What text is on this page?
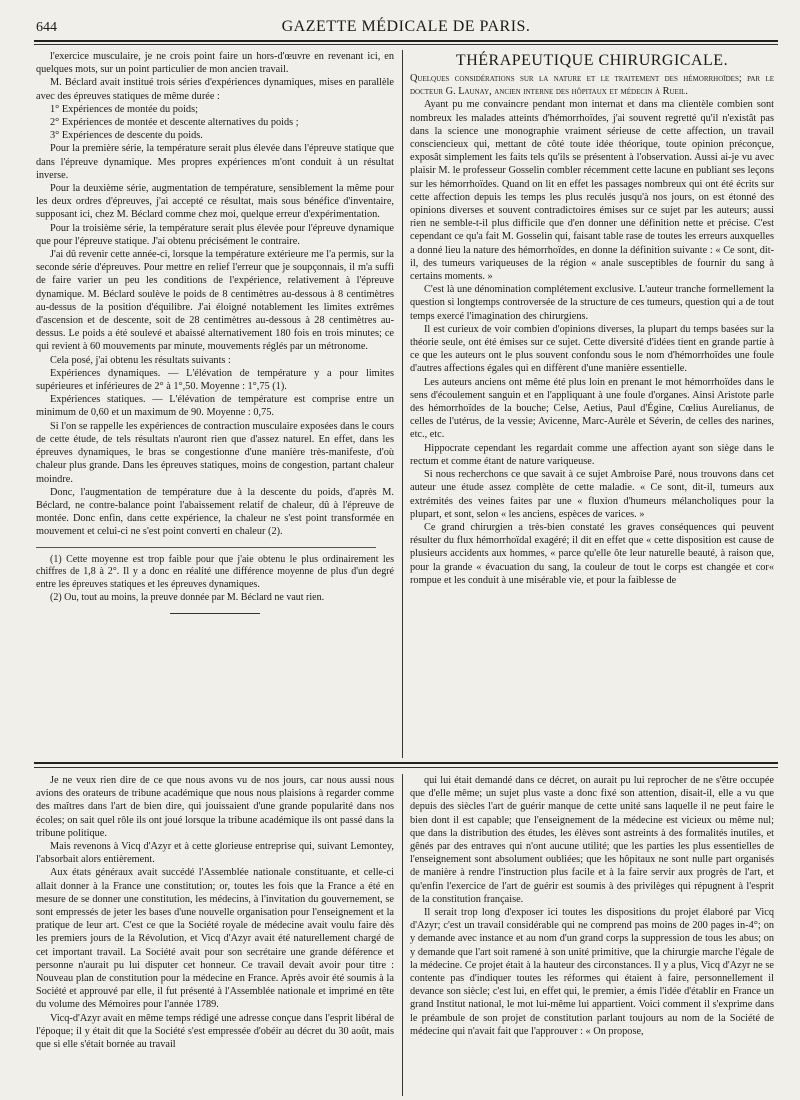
644	GAZETTE MÉDICALE DE PARIS.

l'exercice musculaire, je ne crois point faire un hors-d'œuvre en revenant ici, en quelques mots, sur un point particulier de mon ancien travail.

M. Béclard avait institué trois séries d'expériences dynamiques, mises en parallèle avec des épreuves statiques de même durée :

1° Expériences de montée du poids;

2° Expériences de montée et descente alternatives du poids ;

3° Expériences de descente du poids.

Pour la première série, la température serait plus élevée dans l'épreuve statique que dans l'épreuve dynamique. Mes propres expériences m'ont conduit à un résultat inverse.

Pour la deuxième série, augmentation de température, sensiblement la même pour les deux ordres d'épreuves, j'ai accepté ce résultat, mais sous bénéfice d'inventaire, supposant ici, chez M. Béclard comme chez moi, quelque erreur d'expérimentation.

Pour la troisième série, la température serait plus élevée pour l'épreuve dynamique que pour l'épreuve statique. J'ai obtenu précisément le contraire.

J'ai dû revenir cette année-ci, lorsque la température extérieure me l'a permis, sur la seconde série d'épreuves. Pour mettre en relief l'erreur que je soupçonnais, il m'a suffi de faire varier un peu les conditions de l'expérience, relativement à l'épreuve dynamique. M. Béclard soulève le poids de 8 centimètres au-dessous à 8 centimètres au-dessus de la position d'équilibre. J'ai éloigné notablement les limites extrêmes d'ascension et de descente, soit de 28 centimètres au-dessous à 28 centimètres au-dessus. Le poids a été soulevé et abaissé alternativement 180 fois en trois minutes; ce qui revient à 60 mouvements par minute, mouvements réglés par un métronome.

Cela posé, j'ai obtenu les résultats suivants :

Expériences dynamiques. — L'élévation de température y a pour limites supérieures et inférieures de 2° à 1°,50. Moyenne : 1°,75 (1).

Expériences statiques. — L'élévation de température est comprise entre un minimum de 0,60 et un maximum de 90. Moyenne : 0,75.

Si l'on se rappelle les expériences de contraction musculaire exposées dans le cours de cette étude, de tels résultats n'auront rien que d'assez naturel. En effet, dans les épreuves dynamiques, le bras se congestionne d'une manière très-manifeste, d'où chaleur plus grande. Dans les épreuves statiques, moins de congestion, partant chaleur moindre.

Donc, l'augmentation de température due à la descente du poids, d'après M. Béclard, ne contre-balance point l'abaissement relatif de chaleur, dû à l'épreuve de montée. Donc enfin, dans cette expérience, la chaleur ne s'est point transformée en mouvement et celui-ci ne s'est point converti en chaleur (2).

(1) Cette moyenne est trop faible pour que j'aie obtenu le plus ordinairement les chiffres de 1,8 à 2°. Il y a donc en réalité une différence moyenne de plus d'un degré entre les épreuves statiques et les épreuves dynamiques.

(2) Ou, tout au moins, la preuve donnée par M. Béclard ne vaut rien.

THÉRAPEUTIQUE CHIRURGICALE.

Quelques considérations sur la nature et le traitement des hémorrhoïdes; par le docteur G. Launay, ancien interne des hôpitaux et médecin à Rueil.

Ayant pu me convaincre pendant mon internat et dans ma clientèle combien sont nombreux les malades atteints d'hémorrhoïdes, j'ai souvent regretté qu'il n'existât pas dans la science une monographie vraiment sérieuse de cette affection, un travail consciencieux qui, mettant de côté toute idée théorique, toute opinion préconçue, exposât simplement les faits tels qu'ils se présentent à l'observation. Aussi ai-je vu avec plaisir M. le professeur Gosselin combler récemment cette lacune en publiant ses leçons sur les hémorrhoïdes. Quand on lit en effet les passages nombreux qui ont été écrits sur cette affection depuis les temps les plus reculés jusqu'à nos jours, on est étonné des opinions diverses et souvent contradictoires émises sur ce sujet par les auteurs; aussi rien ne semble-t-il plus difficile que d'en donner une définition nette et précise. C'est cependant ce qu'a fait M. Gosselin qui, faisant table rase de toutes les erreurs auxquelles a donné lieu la nature des hémorrhoïdes, en donne la définition suivante : « Ce sont, dit-il, des tumeurs variqueuses de la région « anale susceptibles de fournir du sang à certains moments. »

C'est là une dénomination complétement exclusive. L'auteur tranche formellement la question si longtemps controversée de la structure de ces tumeurs, question qui a de tout temps exercé l'imagination des chirurgiens.

Il est curieux de voir combien d'opinions diverses, la plupart du temps basées sur la théorie seule, ont été émises sur ce sujet. Cette diversité d'idées tient en grande partie à ce que les auteurs ont le plus souvent confondu sous le nom d'hémorrhoïdes une foule d'autres affections égales qui en diffèrent d'une manière essentielle.

Les auteurs anciens ont même été plus loin en prenant le mot hémorrhoïdes dans le sens d'écoulement sanguin et en l'appliquant à une foule d'organes. Ainsi Aristote parle des hémorrhoïdes de la bouche; Celse, Aetius, Paul d'Égine, Cœlius Aurelianus, de celles de l'utérus, de la vessie; Avicenne, Marc-Aurèle et Séverin, de celles des narines, etc., etc.

Hippocrate cependant les regardait comme une affection ayant son siège dans le rectum et comme étant de nature variqueuse.

Si nous recherchons ce que savait à ce sujet Ambroise Paré, nous trouvons dans cet auteur une étude assez complète de cette maladie. « Ce sont, dit-il, tumeurs aux extrémités des veines faites par une « fluxion d'humeurs mélancholiques pour la plupart, et sont, selon « les anciens, espèces de varices. »

Ce grand chirurgien a très-bien constaté les graves conséquences qui peuvent résulter du flux hémorrhoïdal exagéré; il dit en effet que « cette disposition est cause de plusieurs accidents aux hommes, « parce qu'elle ôte leur naturelle beauté, à raison que, pour la grande « évacuation du sang, la couleur de tout le corps est changée et cor« rompue et les conduit à une misérable vie, et pour la faiblesse de

Je ne veux rien dire de ce que nous avons vu de nos jours, car nous aussi nous avions des orateurs de tribune académique que nous nous plaisions à regarder comme des maîtres dans l'art de bien dire, qui jouissaient d'une grande popularité dans nos écoles; on sait quel rôle ils ont joué lorsque la tribune académique ils ont passé dans la tribune politique.

Mais revenons à Vicq d'Azyr et à cette glorieuse entreprise qui, suivant Lemontey, l'absorbait alors entièrement.

Aux états généraux avait succédé l'Assemblée nationale constituante, et celle-ci allait donner à la France une constitution; or, toutes les fois que la France a été en mesure de se donner une constitution, les médecins, à l'invitation du gouvernement, se sont empressés de jeter les bases d'une nouvelle organisation pour l'enseignement et la pratique de leur art. C'est ce que la Société royale de médecine avait voulu faire dès les premiers jours de la Révolution, et Vicq d'Azyr avait été naturellement chargé de cet important travail. La Société avait pour son secrétaire une grande déférence et personne n'aurait pu lui disputer cet honneur. Ce travail devait avoir pour titre : Nouveau plan de constitution pour la médecine en France. Après avoir été soumis à la Société et approuvé par elle, il fut présenté à l'Assemblée nationale et imprimé en tête du volume des Mémoires pour l'année 1789.

Vicq-d'Azyr avait en même temps rédigé une adresse conçue dans l'esprit libéral de l'époque; il y était dit que la Société s'est empressée d'obéir au décret du 30 août, mais que si elle s'était bornée au travail

qui lui était demandé dans ce décret, on aurait pu lui reprocher de ne s'être occupée que d'elle même; un sujet plus vaste a donc fixé son attention, disait-il, elle a vu que depuis des siècles l'art de guérir manque de cette unité sans laquelle il ne peut faire le bien dont il est capable; que l'enseignement de la médecine est vicieux ou même nul; que dans la distribution des études, les élèves sont astreints à des formalités inutiles, et gênés par des entraves qui n'ont aucune utilité; que les parties les plus essentielles de l'enseignement sont absolument oubliées; que les hôpitaux ne sont nulle part organisés de manière à rendre l'instruction plus facile et à la faire servir aux progrès de l'art, et qu'enfin l'exercice de l'art de guérir est soumis à des privilèges qui répugnent à l'esprit de la constitution française.

Il serait trop long d'exposer ici toutes les dispositions du projet élaboré par Vicq d'Azyr; c'est un travail considérable qui ne comprend pas moins de 200 pages in-4°; on y demande avec instance et au nom d'un grand corps la suppression de tous les abus; on y demande que l'art soit ramené à son unité primitive, que la chirurgie marche l'égale de la médecine. Ce projet était à la hauteur des circonstances. Il y a plus, Vicq d'Azyr ne se contente pas d'indiquer toutes les réformes qui étaient à faire, personnellement il devance son siècle; c'est lui, en effet qui, le premier, a émis l'idée d'établir en France un grand Institut national, le mot lui-même lui appartient. Voici comment il s'exprime dans le préambule de son projet de constitution parlant toujours au nom de la Société de médecine qui n'avait fait que l'approuver : « On propose,
